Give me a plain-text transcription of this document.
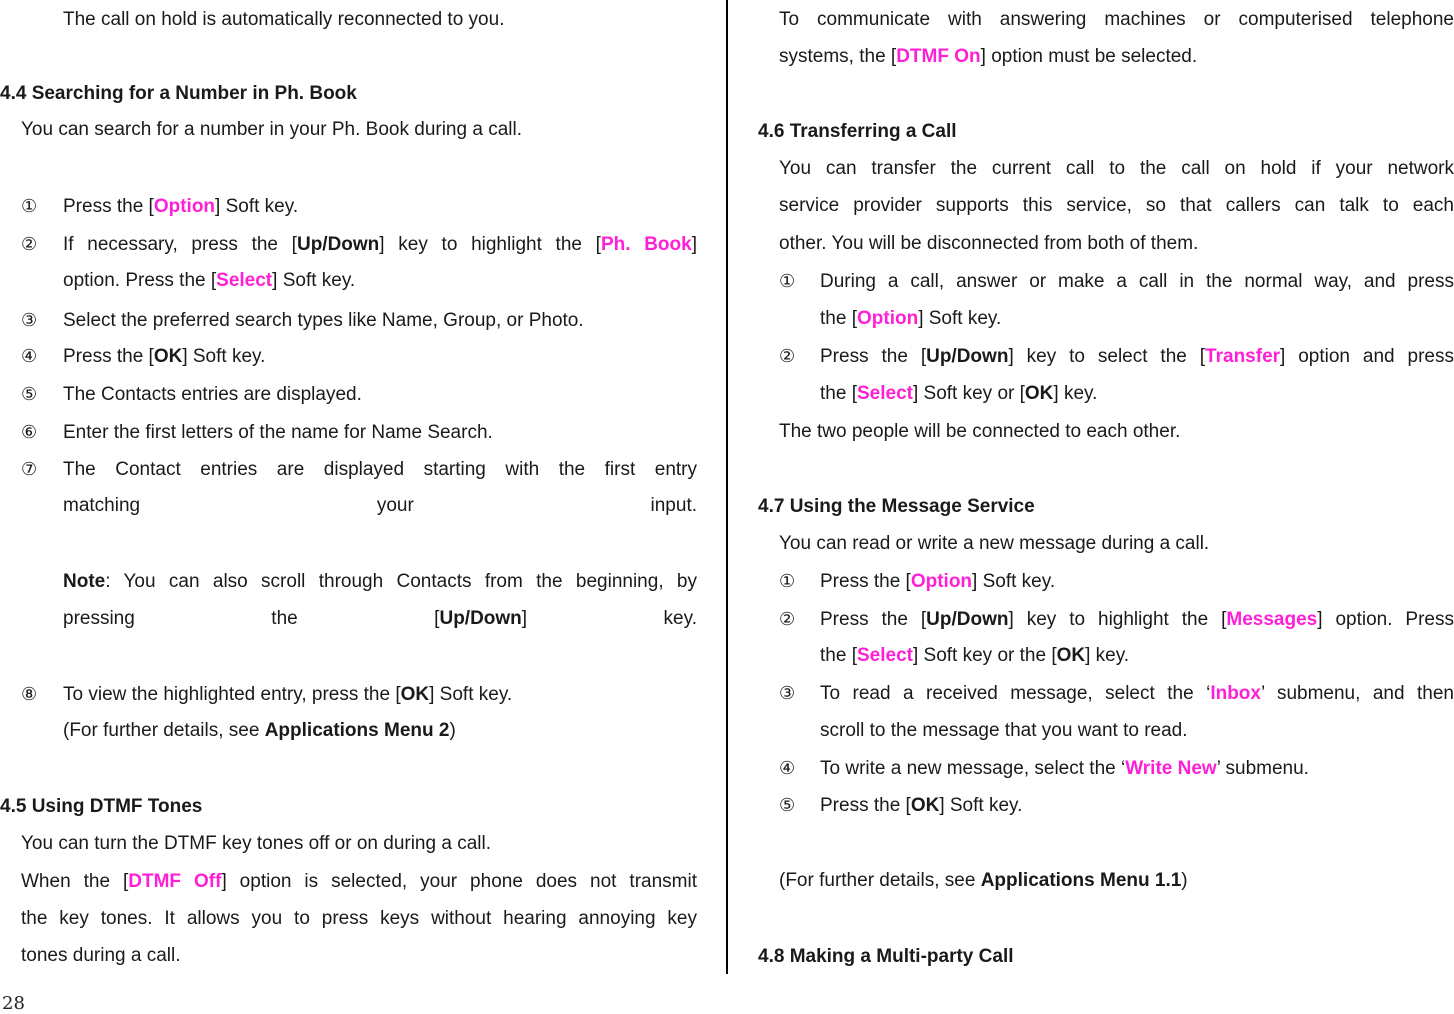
The call on hold is automatically reconnected to you.
4.4 Searching for a Number in Ph. Book
You can search for a number in your Ph. Book during a call.
① Press the [Option] Soft key.
② If necessary, press the [Up/Down] key to highlight the [Ph. Book]
option. Press the [Select] Soft key.
③ Select the preferred search types like Name, Group, or Photo.
④ Press the [OK] Soft key.
⑤ The Contacts entries are displayed.
⑥ Enter the first letters of the name for Name Search.
⑦ The Contact entries are displayed starting with the first entry
matching your input.
Note: You can also scroll through Contacts from the beginning, by
pressing the [Up/Down] key.
⑧ To view the highlighted entry, press the [OK] Soft key.
(For further details, see Applications Menu 2)
4.5 Using DTMF Tones
You can turn the DTMF key tones off or on during a call.
When the [DTMF Off] option is selected, your phone does not transmit
the key tones. It allows you to press keys without hearing annoying key
tones during a call.
To communicate with answering machines or computerised telephone
systems, the [DTMF On] option must be selected.
4.6 Transferring a Call
You can transfer the current call to the call on hold if your network
service provider supports this service, so that callers can talk to each
other. You will be disconnected from both of them.
① During a call, answer or make a call in the normal way, and press
the [Option] Soft key.
② Press the [Up/Down] key to select the [Transfer] option and press
the [Select] Soft key or [OK] key.
The two people will be connected to each other.
4.7 Using the Message Service
You can read or write a new message during a call.
① Press the [Option] Soft key.
② Press the [Up/Down] key to highlight the [Messages] option. Press
the [Select] Soft key or the [OK] key.
③ To read a received message, select the ‘Inbox’ submenu, and then
scroll to the message that you want to read.
④ To write a new message, select the ‘Write New’ submenu.
⑤ Press the [OK] Soft key.
(For further details, see Applications Menu 1.1)
4.8 Making a Multi-party Call
28
